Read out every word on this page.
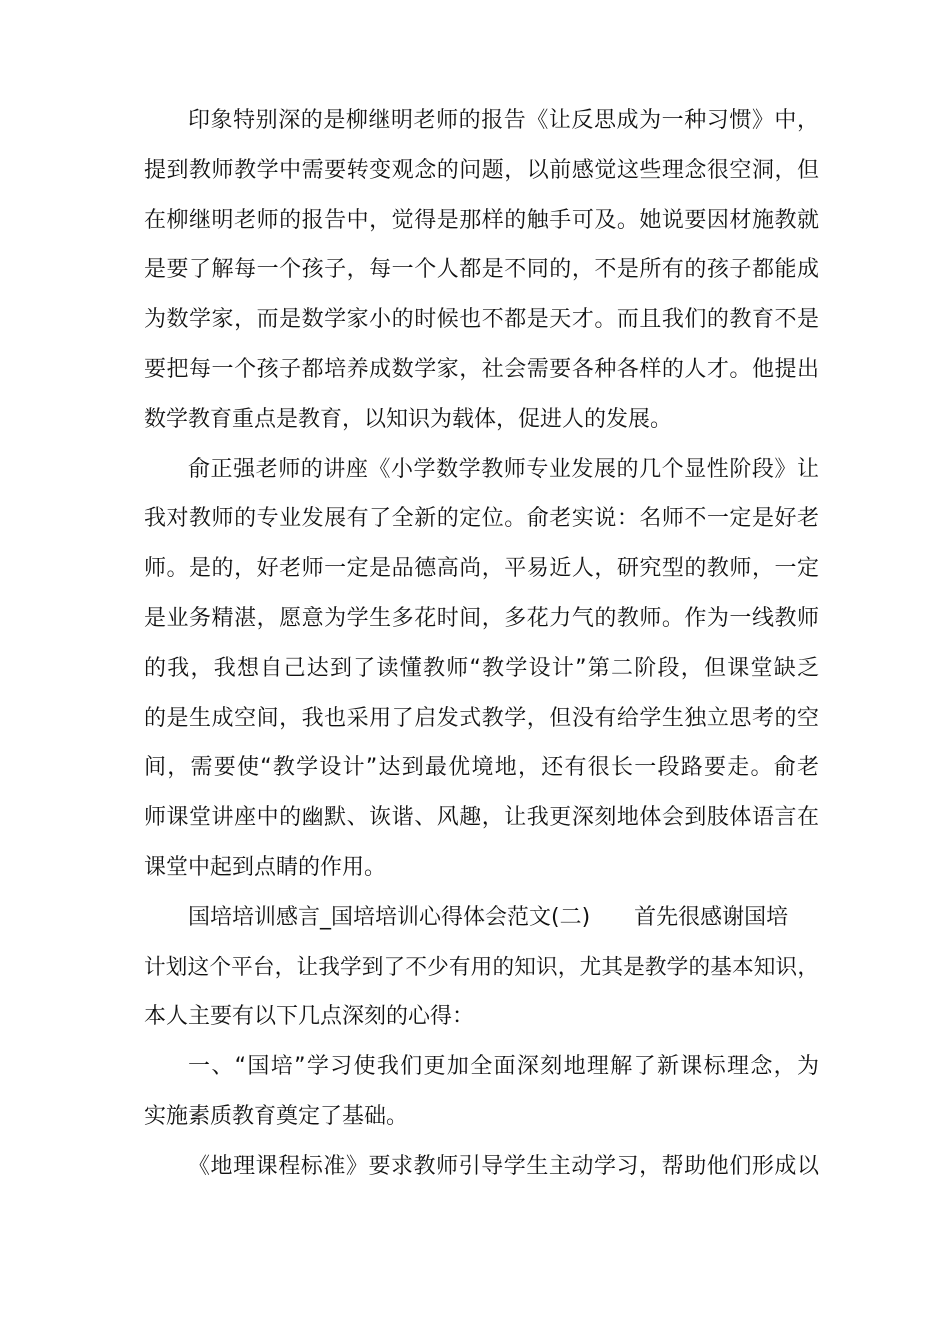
印象特别深的是柳继明老师的报告《让反思成为一种习惯》中，
提到教师教学中需要转变观念的问题，以前感觉这些理念很空洞，但
在柳继明老师的报告中，觉得是那样的触手可及。她说要因材施教就
是要了解每一个孩子，每一个人都是不同的，不是所有的孩子都能成
为数学家，而是数学家小的时候也不都是天才。而且我们的教育不是
要把每一个孩子都培养成数学家，社会需要各种各样的人才。他提出
数学教育重点是教育，以知识为载体，促进人的发展。
俞正强老师的讲座《小学数学教师专业发展的几个显性阶段》让
我对教师的专业发展有了全新的定位。俞老实说：名师不一定是好老
师。是的，好老师一定是品德高尚，平易近人，研究型的教师，一定
是业务精湛，愿意为学生多花时间，多花力气的教师。作为一线教师
的我，我想自己达到了读懂教师“教学设计”第二阶段，但课堂缺乏
的是生成空间，我也采用了启发式教学，但没有给学生独立思考的空
间，需要使“教学设计”达到最优境地，还有很长一段路要走。俞老
师课堂讲座中的幽默、诙谐、风趣，让我更深刻地体会到肢体语言在
课堂中起到点睛的作用。
国培培训感言_国培培训心得体会范文(二)　　首先很感谢国培
计划这个平台，让我学到了不少有用的知识，尤其是教学的基本知识，
本人主要有以下几点深刻的心得：
一、“国培”学习使我们更加全面深刻地理解了新课标理念，为
实施素质教育奠定了基础。
《地理课程标准》要求教师引导学生主动学习，帮助他们形成以
